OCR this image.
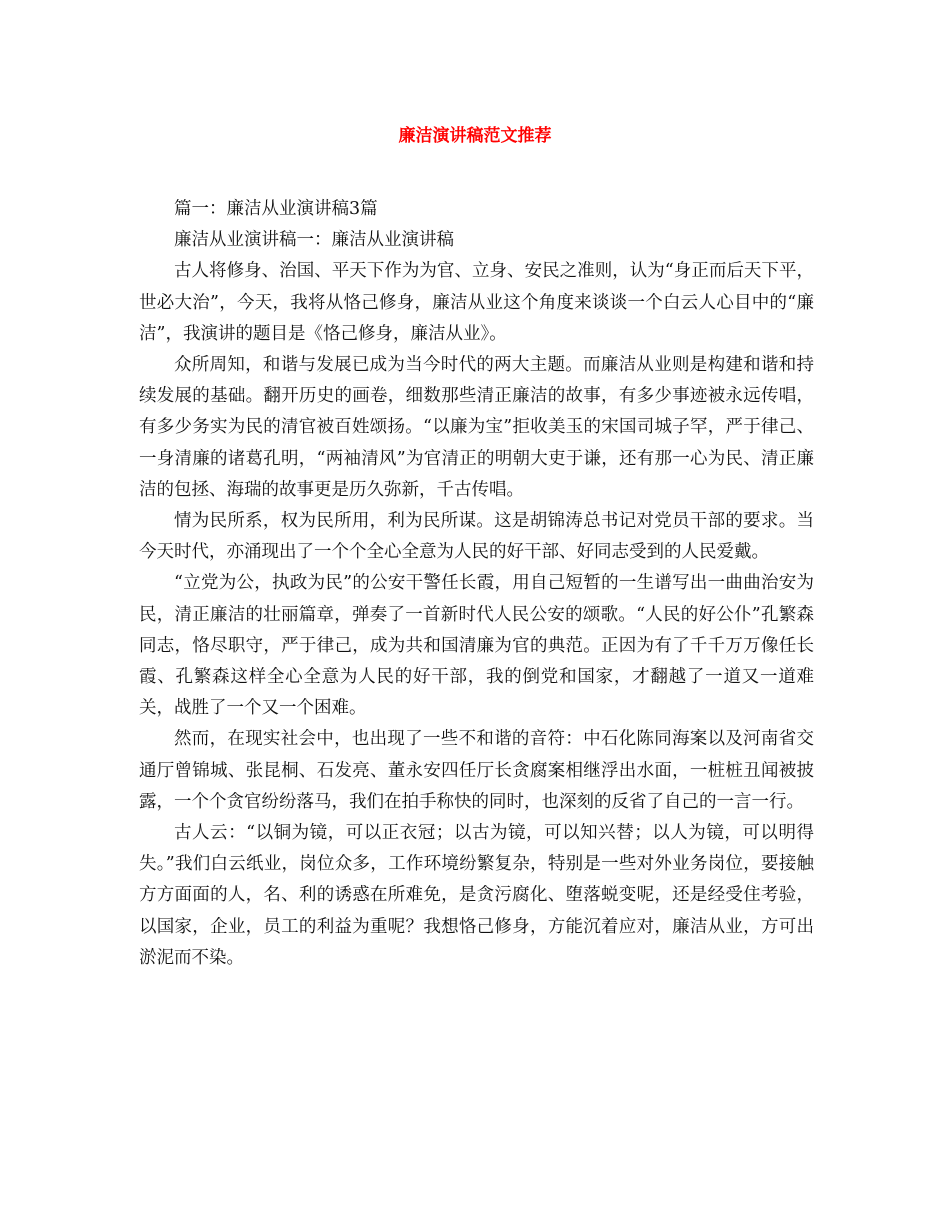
廉洁演讲稿范文推荐

篇一：廉洁从业演讲稿3篇

廉洁从业演讲稿一：廉洁从业演讲稿

古人将修身、治国、平天下作为为官、立身、安民之准则，认为“身正而后天下平，世必大治”，今天，我将从恪己修身，廉洁从业这个角度来谈谈一个白云人心目中的“廉洁”，我演讲的题目是《恪己修身，廉洁从业》。

众所周知，和谐与发展已成为当今时代的两大主题。而廉洁从业则是构建和谐和持续发展的基础。翻开历史的画卷，细数那些清正廉洁的故事，有多少事迹被永远传唱，有多少务实为民的清官被百姓颂扬。“以廉为宝”拒收美玉的宋国司城子罕，严于律己、一身清廉的诸葛孔明，“两袖清风”为官清正的明朝大吏于谦，还有那一心为民、清正廉洁的包拯、海瑞的故事更是历久弥新，千古传唱。

情为民所系，权为民所用，利为民所谋。这是胡锦涛总书记对党员干部的要求。当今天时代，亦涌现出了一个个全心全意为人民的好干部、好同志受到的人民爱戴。

“立党为公，执政为民”的公安干警任长霞，用自己短暂的一生谱写出一曲曲治安为民，清正廉洁的壮丽篇章，弹奏了一首新时代人民公安的颂歌。“人民的好公仆”孔繁森同志，恪尽职守，严于律己，成为共和国清廉为官的典范。正因为有了千千万万像任长霞、孔繁森这样全心全意为人民的好干部，我的倒党和国家，才翻越了一道又一道难关，战胜了一个又一个困难。

然而，在现实社会中，也出现了一些不和谐的音符：中石化陈同海案以及河南省交通厅曾锦城、张昆桐、石发亮、董永安四任厅长贪腐案相继浮出水面，一桩桩丑闻被披露，一个个贪官纷纷落马，我们在拍手称快的同时，也深刻的反省了自己的一言一行。

古人云：“以铜为镜，可以正衣冠；以古为镜，可以知兴替；以人为镜，可以明得失。”我们白云纸业，岗位众多，工作环境纷繁复杂，特别是一些对外业务岗位，要接触方方面面的人，名、利的诱惑在所难免，是贪污腐化、堕落蜕变呢，还是经受住考验，以国家，企业，员工的利益为重呢？我想恪己修身，方能沉着应对，廉洁从业，方可出淤泥而不染。
